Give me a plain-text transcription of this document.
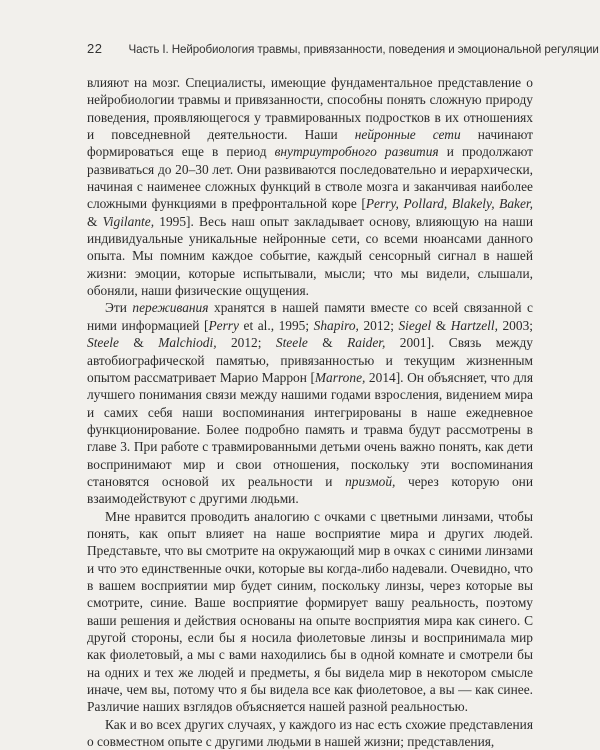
22 Часть I. Нейробиология травмы, привязанности, поведения и эмоциональной регуляции

влияют на мозг. Специалисты, имеющие фундаментальное представление о нейробиологии травмы и привязанности, способны понять сложную природу поведения, проявляющегося у травмированных подростков в их отношениях и повседневной деятельности. Наши нейронные сети начинают формироваться еще в период внутриутробного развития и продолжают развиваться до 20–30 лет. Они развиваются последовательно и иерархически, начиная с наименее сложных функций в стволе мозга и заканчивая наиболее сложными функциями в префронтальной коре [Perry, Pollard, Blakely, Baker, & Vigilante, 1995]. Весь наш опыт закладывает основу, влияющую на наши индивидуальные уникальные нейронные сети, со всеми нюансами данного опыта. Мы помним каждое событие, каждый сенсорный сигнал в нашей жизни: эмоции, которые испытывали, мысли; что мы видели, слышали, обоняли, наши физические ощущения.

Эти переживания хранятся в нашей памяти вместе со всей связанной с ними информацией [Perry et al., 1995; Shapiro, 2012; Siegel & Hartzell, 2003; Steele & Malchiodi, 2012; Steele & Raider, 2001]. Связь между автобиографической памятью, привязанностью и текущим жизненным опытом рассматривает Марио Маррон [Marrone, 2014]. Он объясняет, что для лучшего понимания связи между нашими годами взросления, видением мира и самих себя наши воспоминания интегрированы в наше ежедневное функционирование. Более подробно память и травма будут рассмотрены в главе 3. При работе с травмированными детьми очень важно понять, как дети воспринимают мир и свои отношения, поскольку эти воспоминания становятся основой их реальности и призмой, через которую они взаимодействуют с другими людьми.

Мне нравится проводить аналогию с очками с цветными линзами, чтобы понять, как опыт влияет на наше восприятие мира и других людей. Представьте, что вы смотрите на окружающий мир в очках с синими линзами и что это единственные очки, которые вы когда-либо надевали. Очевидно, что в вашем восприятии мир будет синим, поскольку линзы, через которые вы смотрите, синие. Ваше восприятие формирует вашу реальность, поэтому ваши решения и действия основаны на опыте восприятия мира как синего. С другой стороны, если бы я носила фиолетовые линзы и воспринимала мир как фиолетовый, а мы с вами находились бы в одной комнате и смотрели бы на одних и тех же людей и предметы, я бы видела мир в некотором смысле иначе, чем вы, потому что я бы видела все как фиолетовое, а вы — как синее. Различие наших взглядов объясняется нашей разной реальностью.

Как и во всех других случаях, у каждого из нас есть схожие представления о совместном опыте с другими людьми в нашей жизни; представления,
